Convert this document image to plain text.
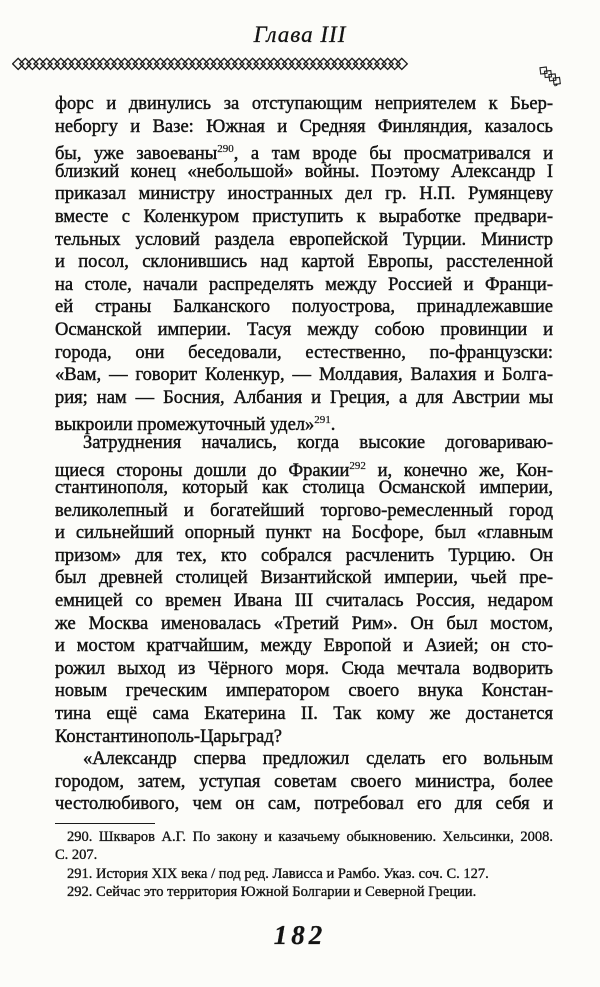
Глава III
◇◇◇◇◇◇◇◇◇◇◇◇◇◇◇◇◇◇◇◇◇◇◇◇◇◇◇◇◇◇◇◇◇◇◇◇◇◇◇◇◇◇◇◇◇◇◇◇◇◇◇◇◇◇◇	◇◇◇◇,
форс и двинулись за отступающим неприятелем к Бьер-
неборгу и Вазе: Южная и Средняя Финляндия, казалось
бы, уже завоеваны$^{290}$, а там вроде бы просматривался и
близкий конец «небольшой» войны. Поэтому Александр I
приказал министру иностранных дел гр. Н.П. Румянцеву
вместе с Коленкуром приступить к выработке предвари-
тельных условий раздела европейской Турции. Министр
и посол, склонившись над картой Европы, расстеленной
на столе, начали распределять между Россией и Франци-
ей страны Балканского полуострова, принадлежавшие
Османской империи. Тасуя между собою провинции и
города, они беседовали, естественно, по-французски:
«Вам, — говорит Коленкур, — Молдавия, Валахия и Болга-
рия; нам — Босния, Албания и Греция, а для Австрии мы
выкроили промежуточный удел»$^{291}$.
Затруднения начались, когда высокие договариваю-
щиеся стороны дошли до Фракии$^{292}$ и, конечно же, Кон-
стантинополя, который как столица Османской империи,
великолепный и богатейший торгово-ремесленный город
и сильнейший опорный пункт на Босфоре, был «главным
призом» для тех, кто собрался расчленить Турцию. Он
был древней столицей Византийской империи, чьей пре-
емницей со времен Ивана III считалась Россия, недаром
же Москва именовалась «Третий Рим». Он был мостом,
и мостом кратчайшим, между Европой и Азией; он сто-
рожил выход из Чёрного моря. Сюда мечтала водворить
новым греческим императором своего внука Констан-
тина ещё сама Екатерина II. Так кому же достанется
Константинополь-Царьград?
«Александр сперва предложил сделать его вольным
городом, затем, уступая советам своего министра, более
честолюбивого, чем он сам, потребовал его для себя и
290. Шкваров А.Г. По закону и казачьему обыкновению. Хельсинки, 2008.
С. 207.
291. История XIX века / под ред. Лависса и Рамбо. Указ. соч. С. 127.
292. Сейчас это территория Южной Болгарии и Северной Греции.
182
